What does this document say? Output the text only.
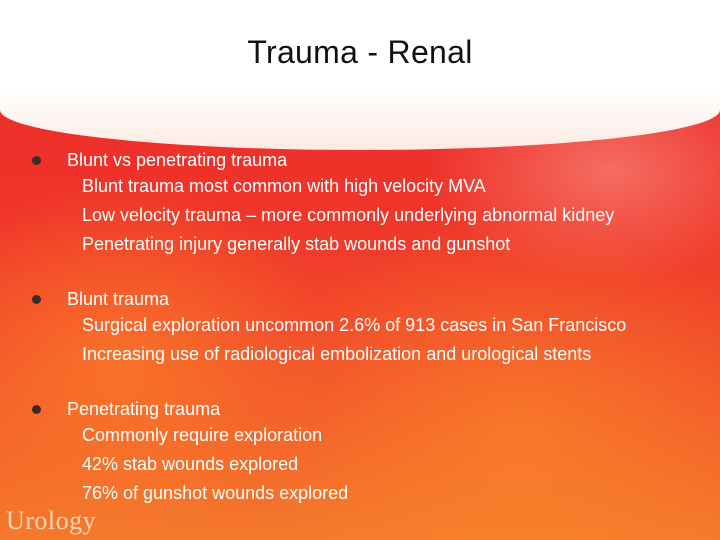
Trauma - Renal
Blunt vs penetrating trauma
Blunt trauma most common with high velocity MVA
Low velocity trauma – more commonly underlying abnormal kidney
Penetrating injury generally stab wounds and gunshot
Blunt trauma
Surgical exploration uncommon 2.6% of 913 cases in San Francisco
Increasing use of radiological embolization and urological stents
Penetrating trauma
Commonly require exploration
42% stab wounds explored
76% of gunshot wounds explored
Urology
